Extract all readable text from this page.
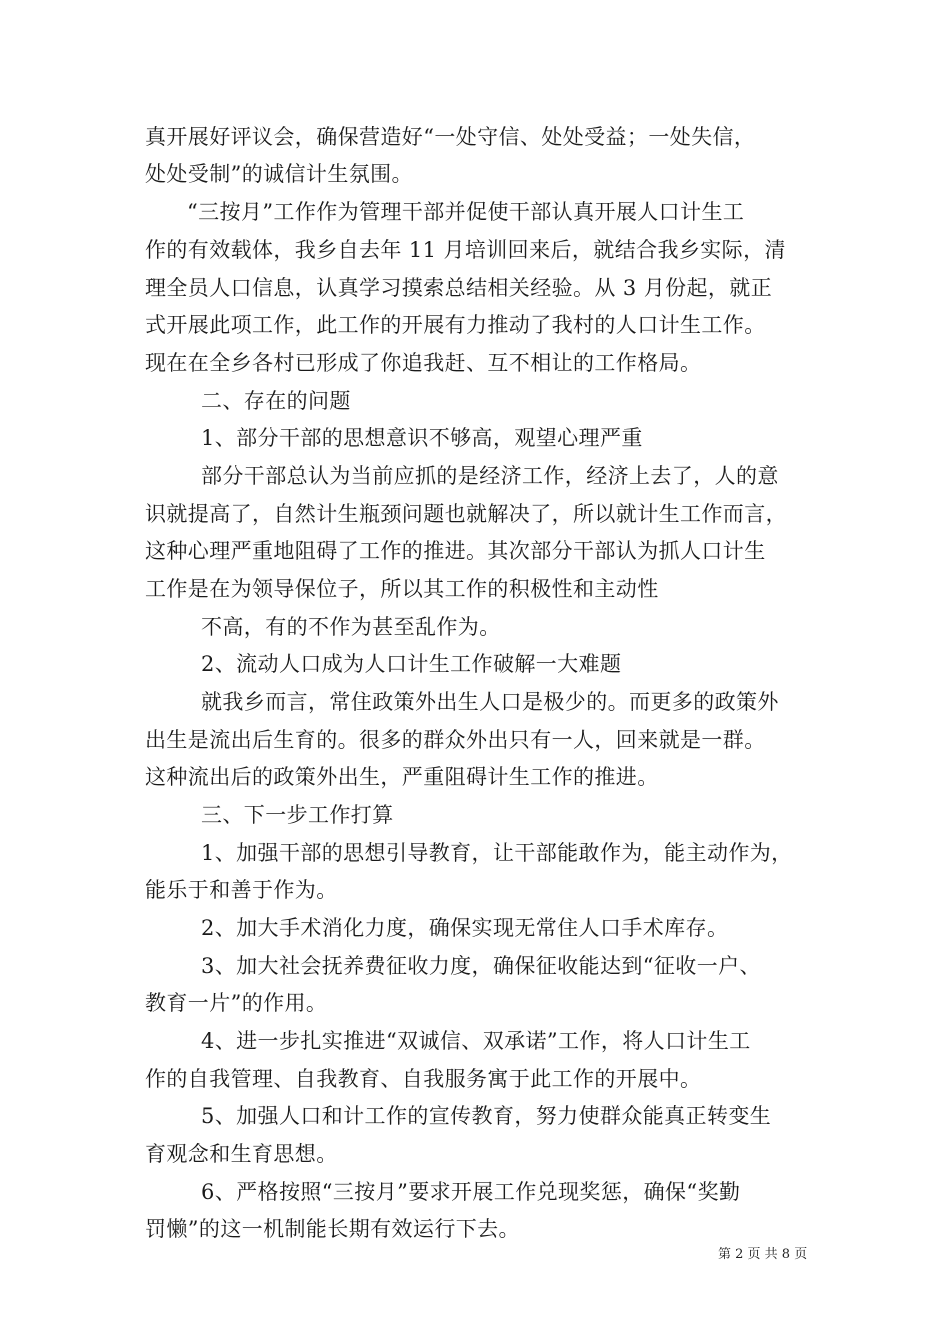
真开展好评议会，确保营造好“一处守信、处处受益；一处失信，
处处受制”的诚信计生氛围。
“三按月”工作作为管理干部并促使干部认真开展人口计生工
作的有效载体，我乡自去年 11 月培训回来后，就结合我乡实际，清
理全员人口信息，认真学习摸索总结相关经验。从 3 月份起，就正
式开展此项工作，此工作的开展有力推动了我村的人口计生工作。
现在在全乡各村已形成了你追我赶、互不相让的工作格局。
二、存在的问题
1、部分干部的思想意识不够高，观望心理严重
部分干部总认为当前应抓的是经济工作，经济上去了，人的意
识就提高了，自然计生瓶颈问题也就解决了，所以就计生工作而言，
这种心理严重地阻碍了工作的推进。其次部分干部认为抓人口计生
工作是在为领导保位子，所以其工作的积极性和主动性
不高，有的不作为甚至乱作为。
2、流动人口成为人口计生工作破解一大难题
就我乡而言，常住政策外出生人口是极少的。而更多的政策外
出生是流出后生育的。很多的群众外出只有一人，回来就是一群。
这种流出后的政策外出生，严重阻碍计生工作的推进。
三、下一步工作打算
1、加强干部的思想引导教育，让干部能敢作为，能主动作为，
能乐于和善于作为。
2、加大手术消化力度，确保实现无常住人口手术库存。
3、加大社会抚养费征收力度，确保征收能达到“征收一户、
教育一片”的作用。
4、进一步扎实推进“双诚信、双承诺”工作，将人口计生工
作的自我管理、自我教育、自我服务寓于此工作的开展中。
5、加强人口和计工作的宣传教育，努力使群众能真正转变生
育观念和生育思想。
6、严格按照“三按月”要求开展工作兑现奖惩，确保“奖勤
罚懒”的这一机制能长期有效运行下去。
第 2 页 共 8 页
